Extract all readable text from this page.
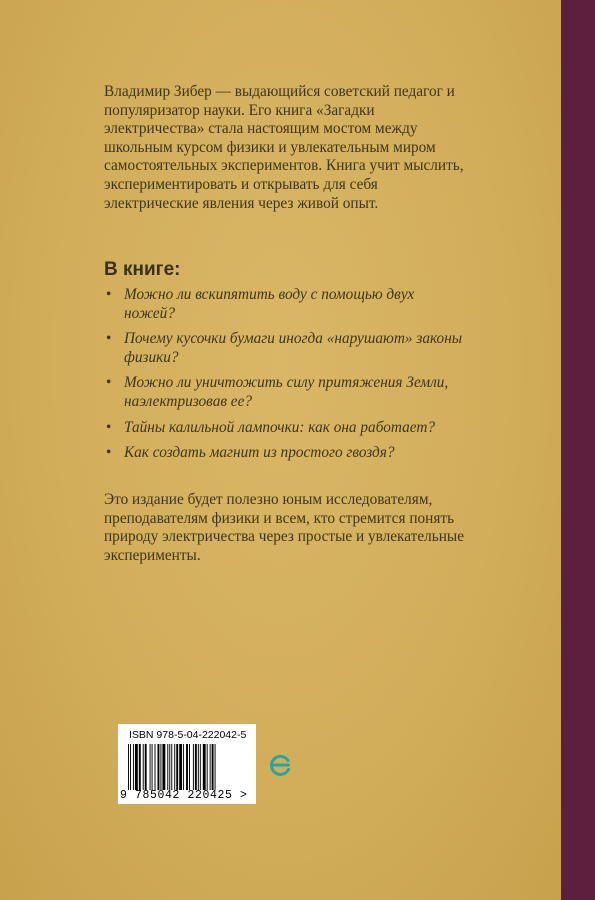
Владимир Зибер — выдающийся советский педагог и популяризатор науки. Его книга «Загадки электричества» стала настоящим мостом между школьным курсом физики и увлекательным миром самостоятельных экспериментов. Книга учит мыслить, экспериментировать и открывать для себя электрические явления через живой опыт.

В книге:

• Можно ли вскипятить воду с помощью двух ножей?
• Почему кусочки бумаги иногда «нарушают» законы физики?
• Можно ли уничтожить силу притяжения Земли, наэлектризовав ее?
• Тайны калильной лампочки: как она работает?
• Как создать магнит из простого гвоздя?

Это издание будет полезно юным исследователям, преподавателям физики и всем, кто стремится понять природу электричества через простые и увлекательные эксперименты.

ISBN 978-5-04-222042-5
9 785042 220425 >
